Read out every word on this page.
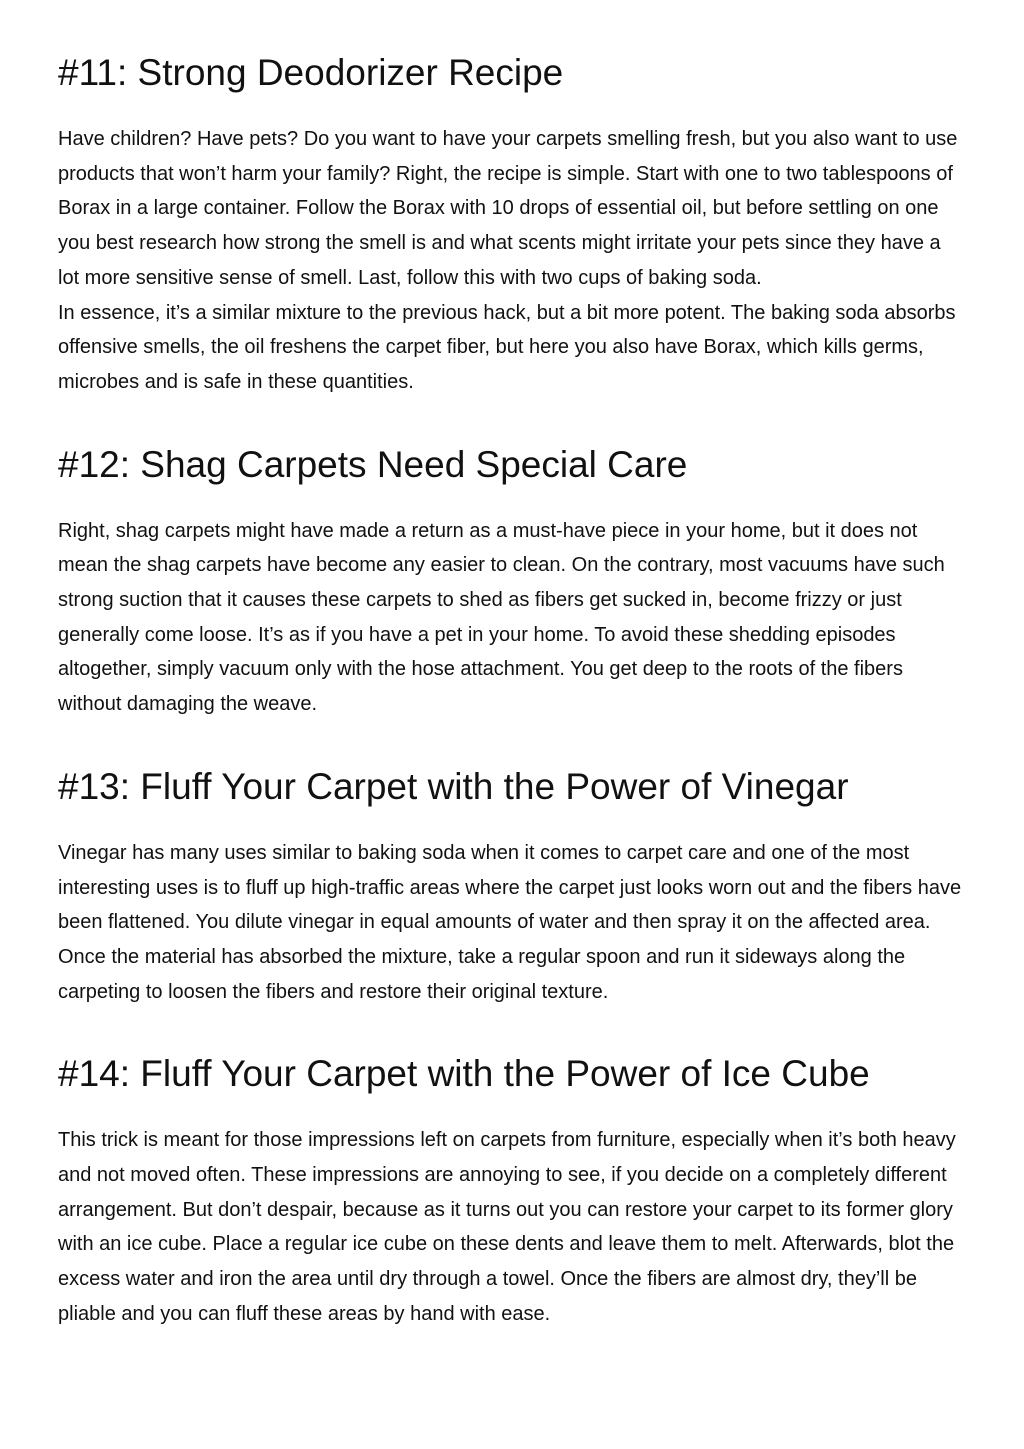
#11: Strong Deodorizer Recipe

Have children? Have pets? Do you want to have your carpets smelling fresh, but you also want to use products that won’t harm your family? Right, the recipe is simple. Start with one to two tablespoons of Borax in a large container. Follow the Borax with 10 drops of essential oil, but before settling on one you best research how strong the smell is and what scents might irritate your pets since they have a lot more sensitive sense of smell. Last, follow this with two cups of baking soda.

In essence, it’s a similar mixture to the previous hack, but a bit more potent. The baking soda absorbs offensive smells, the oil freshens the carpet fiber, but here you also have Borax, which kills germs, microbes and is safe in these quantities.

#12: Shag Carpets Need Special Care

Right, shag carpets might have made a return as a must-have piece in your home, but it does not mean the shag carpets have become any easier to clean. On the contrary, most vacuums have such strong suction that it causes these carpets to shed as fibers get sucked in, become frizzy or just generally come loose. It’s as if you have a pet in your home. To avoid these shedding episodes altogether, simply vacuum only with the hose attachment. You get deep to the roots of the fibers without damaging the weave.

#13: Fluff Your Carpet with the Power of Vinegar

Vinegar has many uses similar to baking soda when it comes to carpet care and one of the most interesting uses is to fluff up high-traffic areas where the carpet just looks worn out and the fibers have been flattened. You dilute vinegar in equal amounts of water and then spray it on the affected area. Once the material has absorbed the mixture, take a regular spoon and run it sideways along the carpeting to loosen the fibers and restore their original texture.

#14: Fluff Your Carpet with the Power of Ice Cube

This trick is meant for those impressions left on carpets from furniture, especially when it’s both heavy and not moved often. These impressions are annoying to see, if you decide on a completely different arrangement. But don’t despair, because as it turns out you can restore your carpet to its former glory with an ice cube. Place a regular ice cube on these dents and leave them to melt. Afterwards, blot the excess water and iron the area until dry through a towel. Once the fibers are almost dry, they’ll be pliable and you can fluff these areas by hand with ease.
